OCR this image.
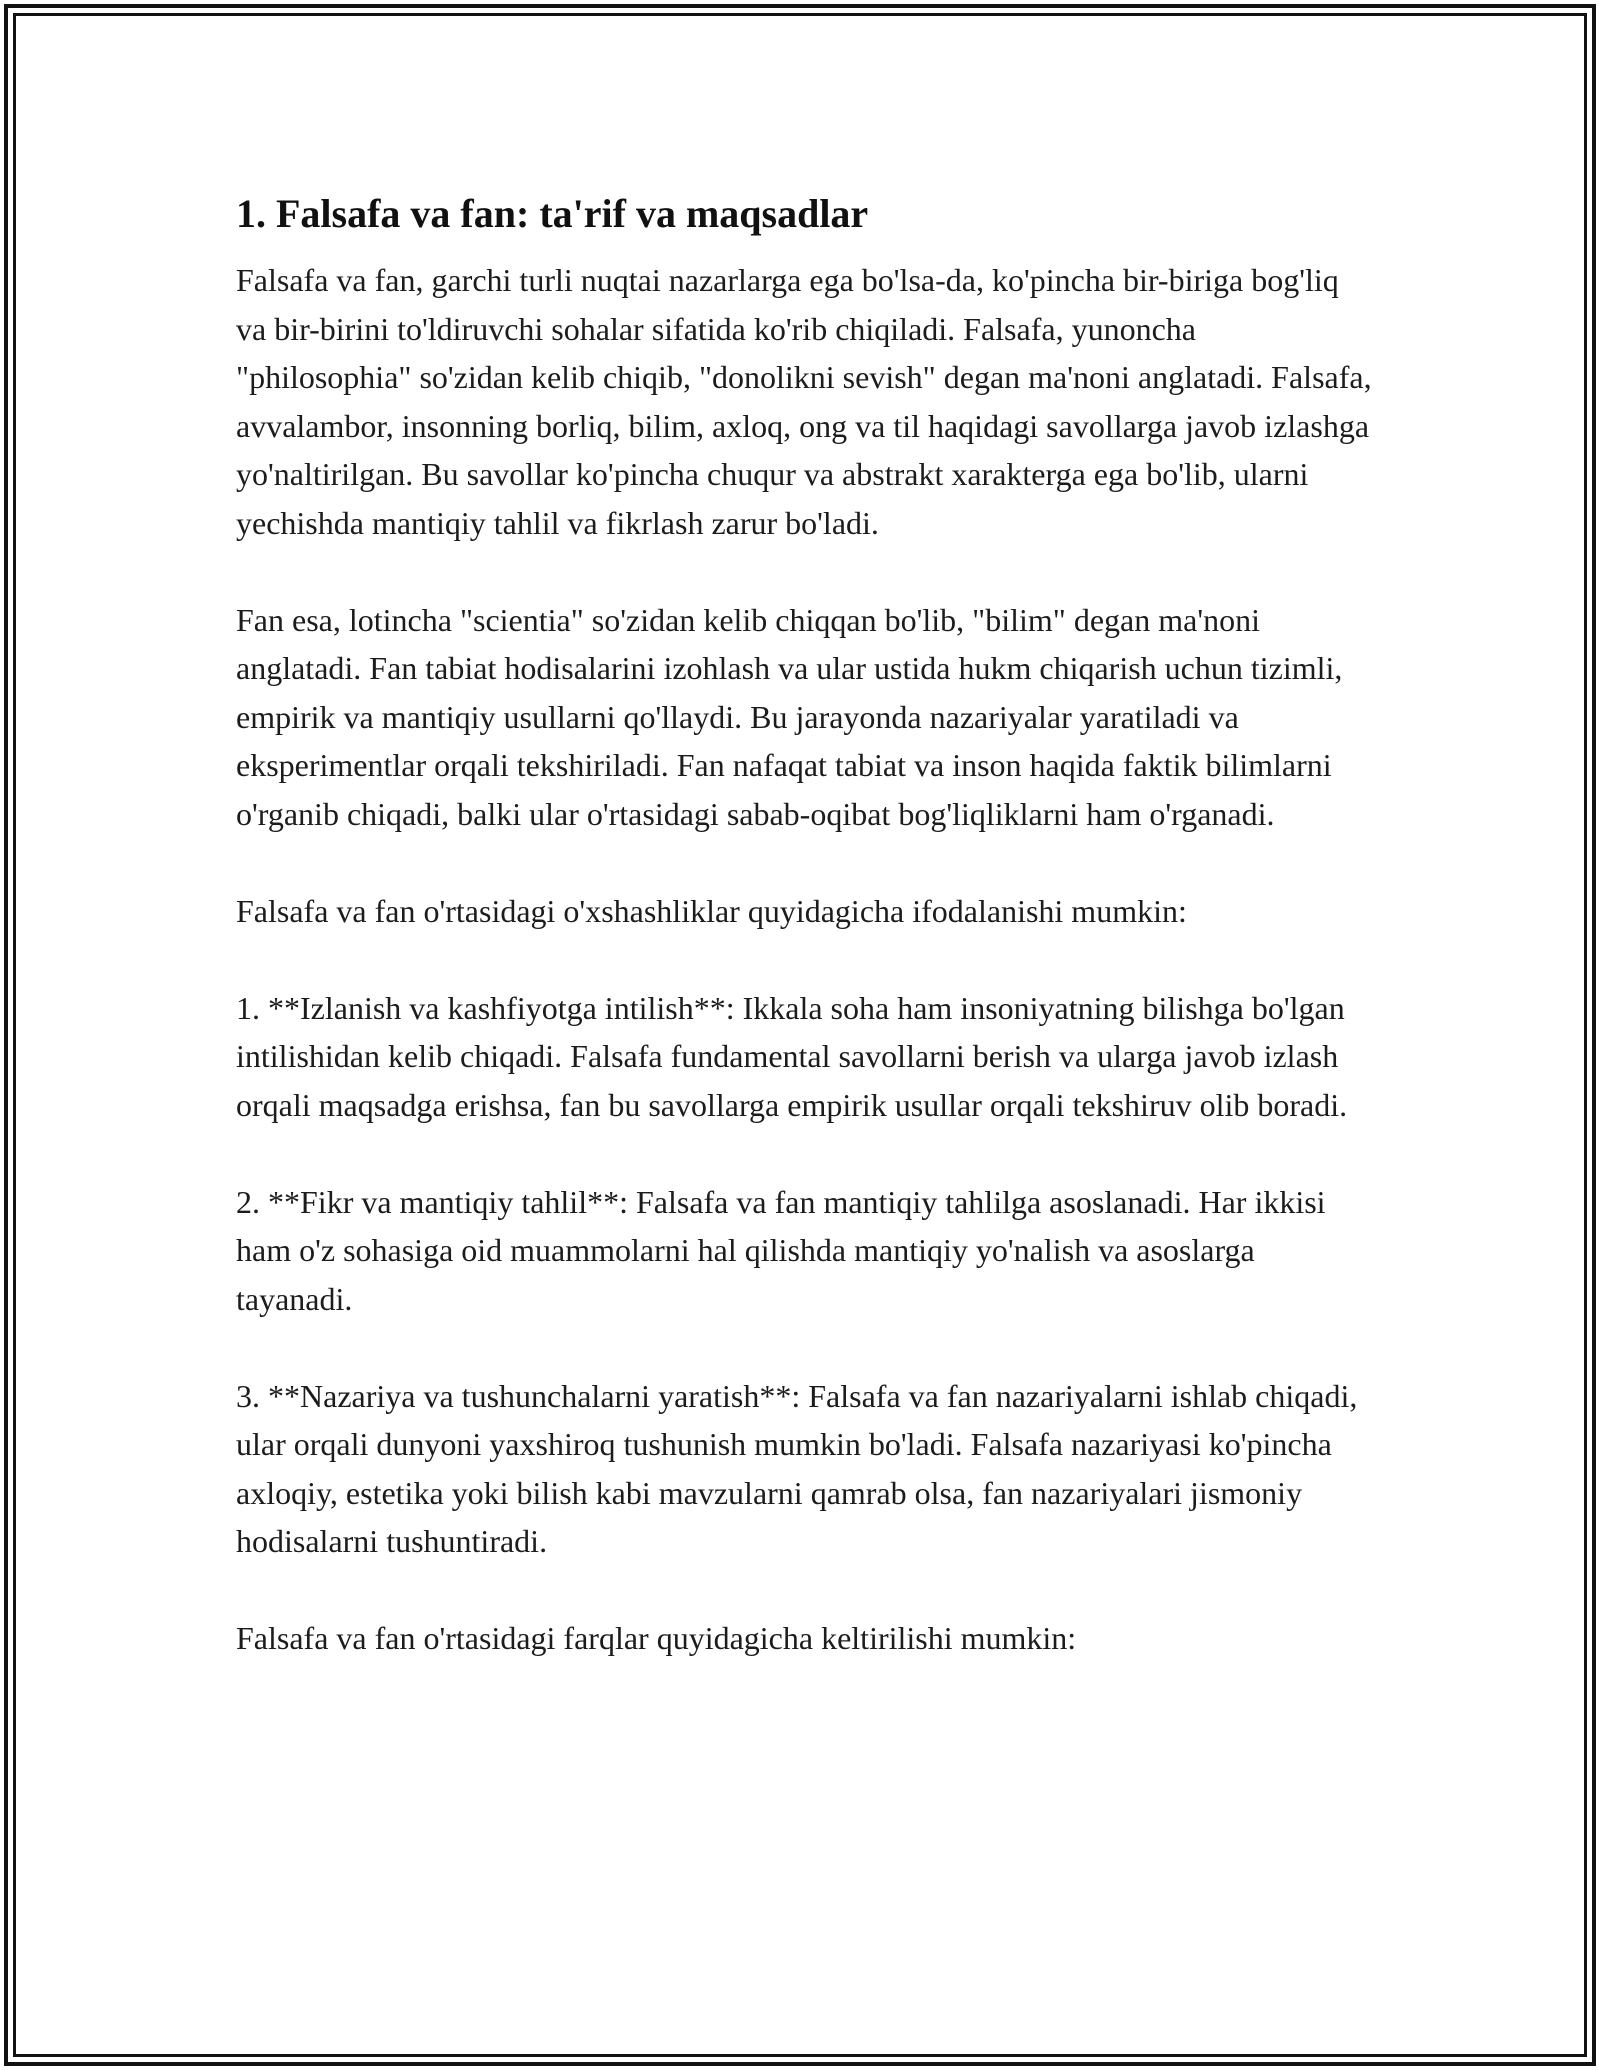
1. Falsafa va fan: ta'rif va maqsadlar

Falsafa va fan, garchi turli nuqtai nazarlarga ega bo'lsa-da, ko'pincha bir-biriga bog'liq va bir-birini to'ldiruvchi sohalar sifatida ko'rib chiqiladi. Falsafa, yunoncha "philosophia" so'zidan kelib chiqib, "donolikni sevish" degan ma'noni anglatadi. Falsafa, avvalambor, insonning borliq, bilim, axloq, ong va til haqidagi savollarga javob izlashga yo'naltirilgan. Bu savollar ko'pincha chuqur va abstrakt xarakterga ega bo'lib, ularni yechishda mantiqiy tahlil va fikrlash zarur bo'ladi.

Fan esa, lotincha "scientia" so'zidan kelib chiqqan bo'lib, "bilim" degan ma'noni anglatadi. Fan tabiat hodisalarini izohlash va ular ustida hukm chiqarish uchun tizimli, empirik va mantiqiy usullarni qo'llaydi. Bu jarayonda nazariyalar yaratiladi va eksperimentlar orqali tekshiriladi. Fan nafaqat tabiat va inson haqida faktik bilimlarni o'rganib chiqadi, balki ular o'rtasidagi sabab-oqibat bog'liqliklarni ham o'rganadi.

Falsafa va fan o'rtasidagi o'xshashliklar quyidagicha ifodalanishi mumkin:

1. **Izlanish va kashfiyotga intilish**: Ikkala soha ham insoniyatning bilishga bo'lgan intilishidan kelib chiqadi. Falsafa fundamental savollarni berish va ularga javob izlash orqali maqsadga erishsa, fan bu savollarga empirik usullar orqali tekshiruv olib boradi.

2. **Fikr va mantiqiy tahlil**: Falsafa va fan mantiqiy tahlilga asoslanadi. Har ikkisi ham o'z sohasiga oid muammolarni hal qilishda mantiqiy yo'nalish va asoslarga tayanadi.

3. **Nazariya va tushunchalarni yaratish**: Falsafa va fan nazariyalarni ishlab chiqadi, ular orqali dunyoni yaxshiroq tushunish mumkin bo'ladi. Falsafa nazariyasi ko'pincha axloqiy, estetika yoki bilish kabi mavzularni qamrab olsa, fan nazariyalari jismoniy hodisalarni tushuntiradi.

Falsafa va fan o'rtasidagi farqlar quyidagicha keltirilishi mumkin:
